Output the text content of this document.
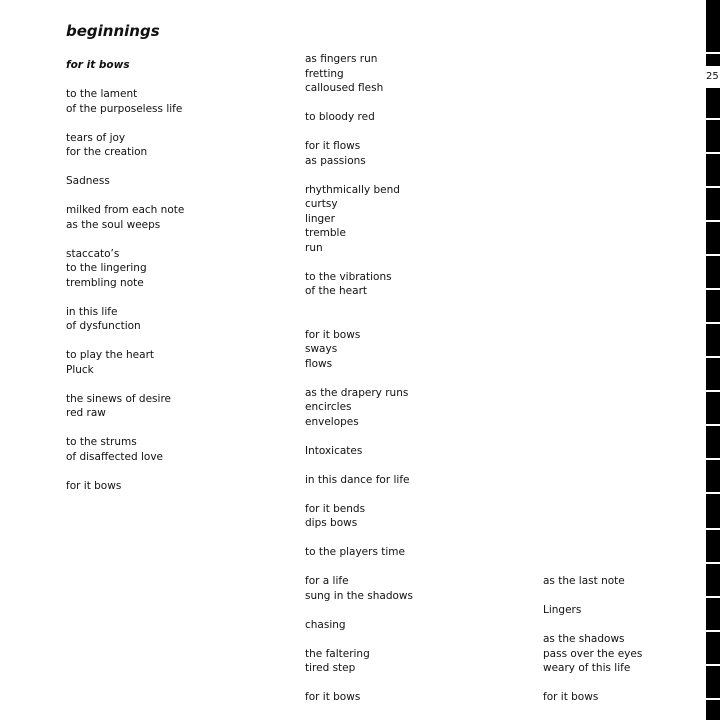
beginnings
for it bows
to the lament
of the purposeless life
tears of joy
for the creation
Sadness
milked from each note
as the soul weeps
staccato’s
to the lingering
trembling note
in this life
of dysfunction
to play the heart
Pluck
the sinews of desire
red raw
to the strums
of disaffected love
for it bows
as fingers run
fretting
calloused flesh
to bloody red
for it flows
as passions
rhythmically bend
curtsy
linger
tremble
run
to the vibrations
of the heart
for it bows
sways
flows
as the drapery runs
encircles
envelopes
Intoxicates
in this dance for life
for it bends
dips bows
to the players time
for a life
sung in the shadows
chasing
the faltering
tired step
for it bows
as the last note
Lingers
as the shadows
pass over the eyes
weary of this life
for it bows
25
